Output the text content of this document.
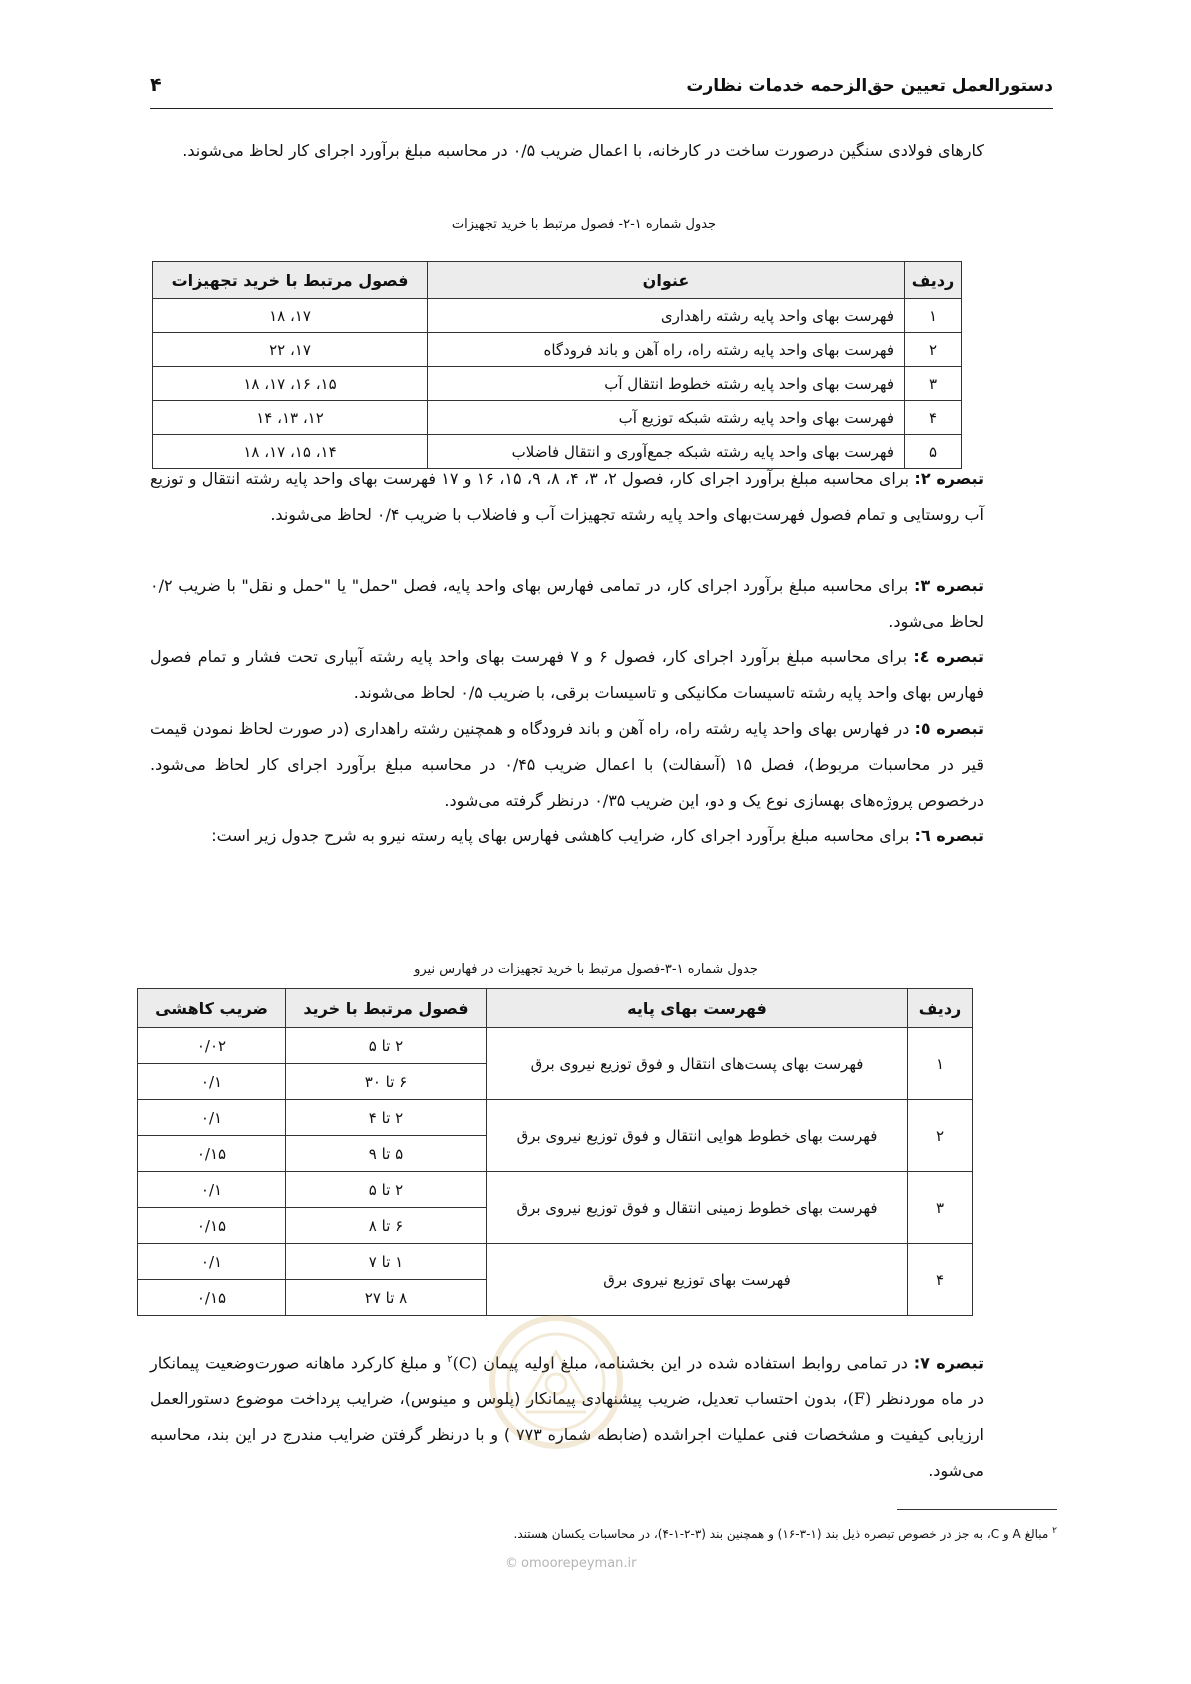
دستورالعمل تعیین حق‌الزحمه خدمات نظارت
۴
کارهای فولادی سنگین درصورت ساخت در کارخانه، با اعمال ضریب ۰/۵ در محاسبه مبلغ برآورد اجرای کار لحاظ می‌شوند.
جدول شماره ۱-۲- فصول مرتبط با خرید تجهیزات
ردیف	عنوان	فصول مرتبط با خرید تجهیزات
۱	فهرست بهای واحد پایه رشته راهداری	۱۷، ۱۸
۲	فهرست بهای واحد پایه رشته راه، راه آهن و باند فرودگاه	۱۷، ۲۲
۳	فهرست بهای واحد پایه رشته خطوط انتقال آب	۱۵، ۱۶، ۱۷، ۱۸
۴	فهرست بهای واحد پایه رشته شبکه توزیع آب	۱۲، ۱۳، ۱۴
۵	فهرست بهای واحد پایه رشته شبکه جمع‌آوری و انتقال فاضلاب	۱۴، ۱۵، ۱۷، ۱۸
تبصره ۲: برای محاسبه مبلغ برآورد اجرای کار، فصول ۲، ۳، ۴، ۸، ۹، ۱۵، ۱۶ و ۱۷ فهرست بهای واحد پایه رشته انتقال و توزیع آب روستایی و تمام فصول فهرست‌بهای واحد پایه رشته تجهیزات آب و فاضلاب با ضریب ۰/۴ لحاظ می‌شوند.
تبصره ۳: برای محاسبه مبلغ برآورد اجرای کار، در تمامی فهارس بهای واحد پایه، فصل "حمل" یا "حمل و نقل" با ضریب ۰/۲ لحاظ می‌شود.
تبصره ٤: برای محاسبه مبلغ برآورد اجرای کار، فصول ۶ و ۷ فهرست بهای واحد پایه رشته آبیاری تحت فشار و تمام فصول فهارس بهای واحد پایه رشته تاسیسات مکانیکی و تاسیسات برقی، با ضریب ۰/۵ لحاظ می‌شوند.
تبصره ٥: در فهارس بهای واحد پایه رشته راه، راه آهن و باند فرودگاه و همچنین رشته راهداری (در صورت لحاظ نمودن قیمت قیر در محاسبات مربوط)، فصل ۱۵ (آسفالت) با اعمال ضریب ۰/۴۵ در محاسبه مبلغ برآورد اجرای کار لحاظ می‌شود. درخصوص پروژه‌های بهسازی نوع یک و دو، این ضریب ۰/۳۵ درنظر گرفته می‌شود.
تبصره ٦: برای محاسبه مبلغ برآورد اجرای کار، ضرایب کاهشی فهارس بهای پایه رسته نیرو به شرح جدول زیر است:
جدول شماره ۱-۳-فصول مرتبط با خرید تجهیزات در فهارس نیرو
ردیف	فهرست بهای پایه	فصول مرتبط با خرید	ضریب کاهشی
۱	فهرست بهای پست‌های انتقال و فوق توزیع نیروی برق	۲ تا ۵	۰/۰۲
		۶ تا ۳۰	۰/۱
۲	فهرست بهای خطوط هوایی انتقال و فوق توزیع نیروی برق	۲ تا ۴	۰/۱
		۵ تا ۹	۰/۱۵
۳	فهرست بهای خطوط زمینی انتقال و فوق توزیع نیروی برق	۲ تا ۵	۰/۱
		۶ تا ۸	۰/۱۵
۴	فهرست بهای توزیع نیروی برق	۱ تا ۷	۰/۱
		۸ تا ۲۷	۰/۱۵
تبصره ۷: در تمامی روابط استفاده شده در این بخشنامه، مبلغ اولیه پیمان $(C)^۲$ و مبلغ کارکرد ماهانه صورت‌وضعیت پیمانکار در ماه موردنظر (F)، بدون احتساب تعدیل، ضریب پیشنهادی پیمانکار (پلوس و مینوس)، ضرایب پرداخت موضوع دستورالعمل ارزیابی کیفیت و مشخصات فنی عملیات اجراشده (ضابطه شماره ۷۷۳ ) و با درنظر گرفتن ضرایب مندرج در این بند، محاسبه می‌شود.
$^۲$ مبالغ A و C، به جز در خصوص تبصره ذیل بند (۱-۳-۱۶) و همچنین بند (۳-۲-۱-۴)، در محاسبات یکسان هستند.
© omoorepeyman.ir
